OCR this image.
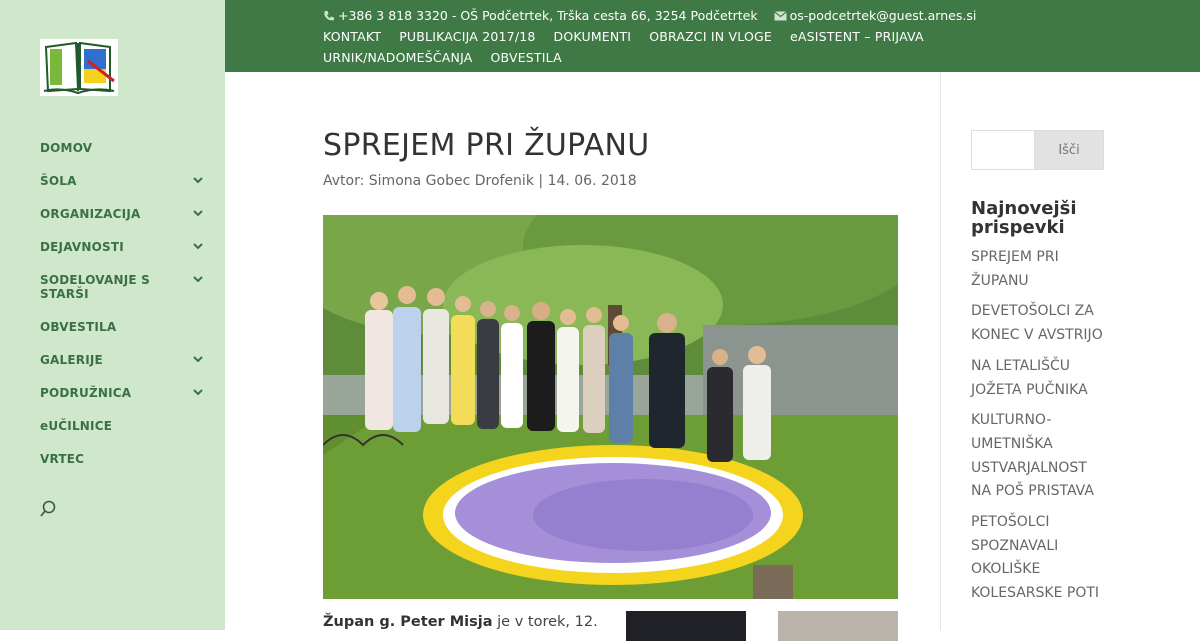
DOMOV
ŠOLA
ORGANIZACIJA
DEJAVNOSTI
SODELOVANJE S STARŠI
OBVESTILA
GALERIJE
PODRUŽNICA
eUČILNICE
VRTEC
+386 3 818 3320 - OŠ Podčetrtek, Trška cesta 66, 3254 Podčetrtek	os-podcetrtek@guest.arnes.si
KONTAKT PUBLIKACIJA 2017/18 DOKUMENTI OBRAZCI IN VLOGE eASISTENT – PRIJAVA
URNIK/NADOMEŠČANJA OBVESTILA
SPREJEM PRI ŽUPANU
Avtor: Simona Gobec Drofenik | 14. 06. 2018

Župan g. Peter Misja je v torek, 12.

Išči
Najnovejši prispevki
SPREJEM PRI ŽUPANU
DEVETOŠOLCI ZA KONEC V AVSTRIJO
NA LETALIŠČU JOŽETA PUČNIKA
KULTURNO-UMETNIŠKA USTVARJALNOST NA POŠ PRISTAVA
PETOŠOLCI SPOZNAVALI OKOLIŠKE KOLESARSKE POTI
